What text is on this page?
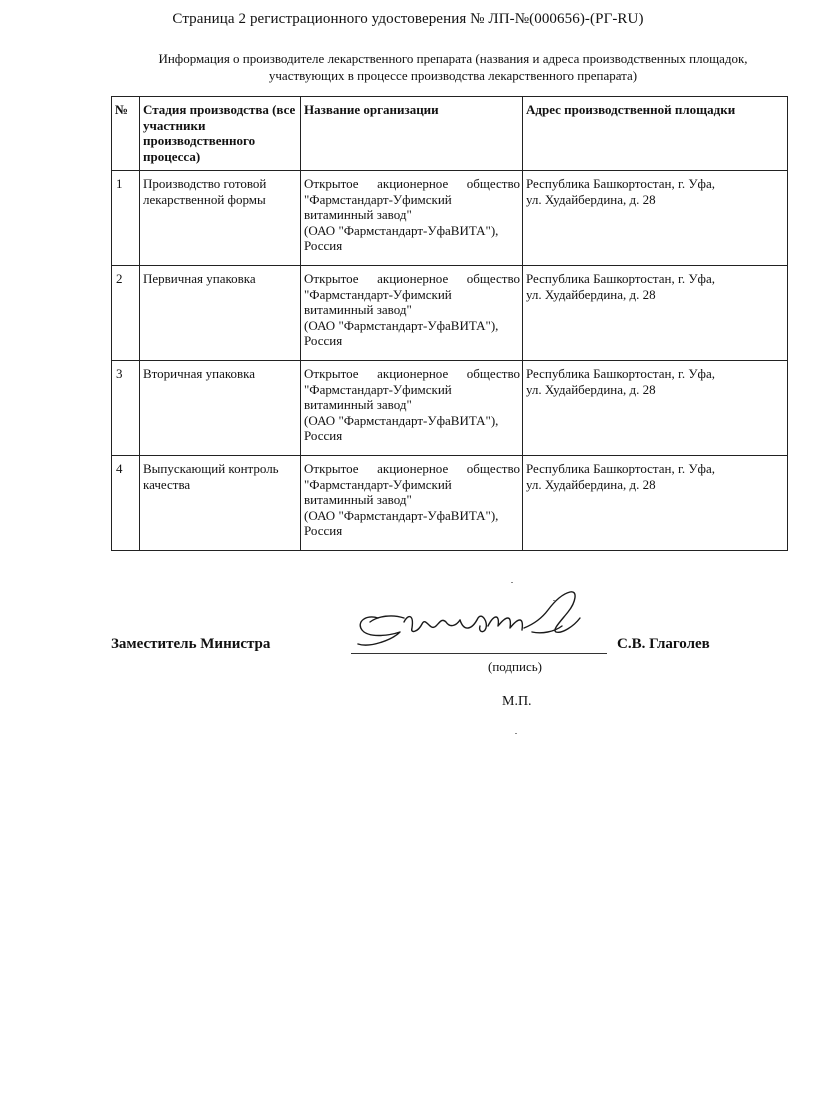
Страница 2 регистрационного удостоверения № ЛП-№(000656)-(РГ-RU)
Информация о производителе лекарственного препарата (названия и адреса производственных площадок,
участвующих в процессе производства лекарственного препарата)
№	Стадия производства (все участники производственного процесса)	Название организации	Адрес производственной площадки
1	Производство готовой лекарственной формы	Открытое акционерное общество
"Фармстандарт-Уфимский витаминный завод"
(ОАО "Фармстандарт-УфаВИТА"), Россия	Республика Башкортостан, г. Уфа,
ул. Худайбердина, д. 28

2	Первичная упаковка	Открытое акционерное общество
"Фармстандарт-Уфимский витаминный завод"
(ОАО "Фармстандарт-УфаВИТА"), Россия	Республика Башкортостан, г. Уфа,
ул. Худайбердина, д. 28

3	Вторичная упаковка	Открытое акционерное общество
"Фармстандарт-Уфимский витаминный завод"
(ОАО "Фармстандарт-УфаВИТА"), Россия	Республика Башкортостан, г. Уфа,
ул. Худайбердина, д. 28

4	Выпускающий контроль качества	Открытое акционерное общество
"Фармстандарт-Уфимский витаминный завод"
(ОАО "Фармстандарт-УфаВИТА"), Россия	Республика Башкортостан, г. Уфа,
ул. Худайбердина, д. 28
Заместитель Министра	С.В. Глаголев
(подпись)
М.П.
